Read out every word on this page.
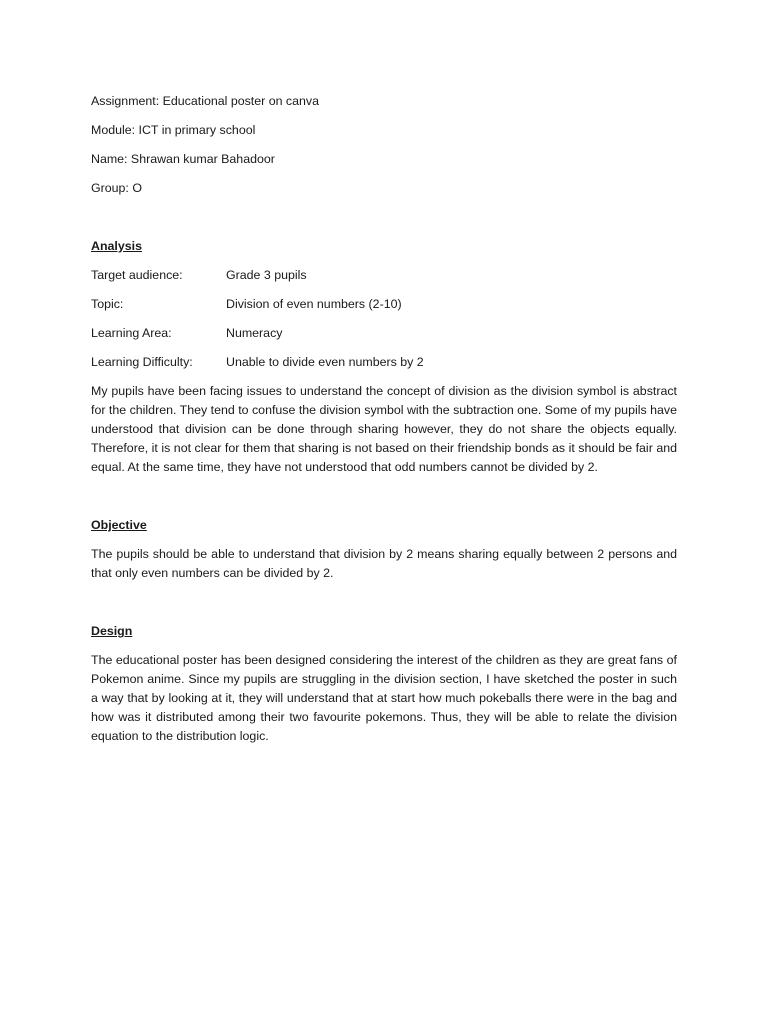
Assignment: Educational poster on canva
Module: ICT in primary school
Name: Shrawan kumar Bahadoor
Group: O
Analysis
Target audience:	Grade 3 pupils
Topic:	Division of even numbers (2-10)
Learning Area:	Numeracy
Learning Difficulty:	Unable to divide even numbers by 2

My pupils have been facing issues to understand the concept of division as the division symbol is abstract for the children. They tend to confuse the division symbol with the subtraction one. Some of my pupils have understood that division can be done through sharing however, they do not share the objects equally. Therefore, it is not clear for them that sharing is not based on their friendship bonds as it should be fair and equal. At the same time, they have not understood that odd numbers cannot be divided by 2.

Objective

The pupils should be able to understand that division by 2 means sharing equally between 2 persons and that only even numbers can be divided by 2.

Design

The educational poster has been designed considering the interest of the children as they are great fans of Pokemon anime. Since my pupils are struggling in the division section, I have sketched the poster in such a way that by looking at it, they will understand that at start how much pokeballs there were in the bag and how was it distributed among their two favourite pokemons. Thus, they will be able to relate the division equation to the distribution logic.
